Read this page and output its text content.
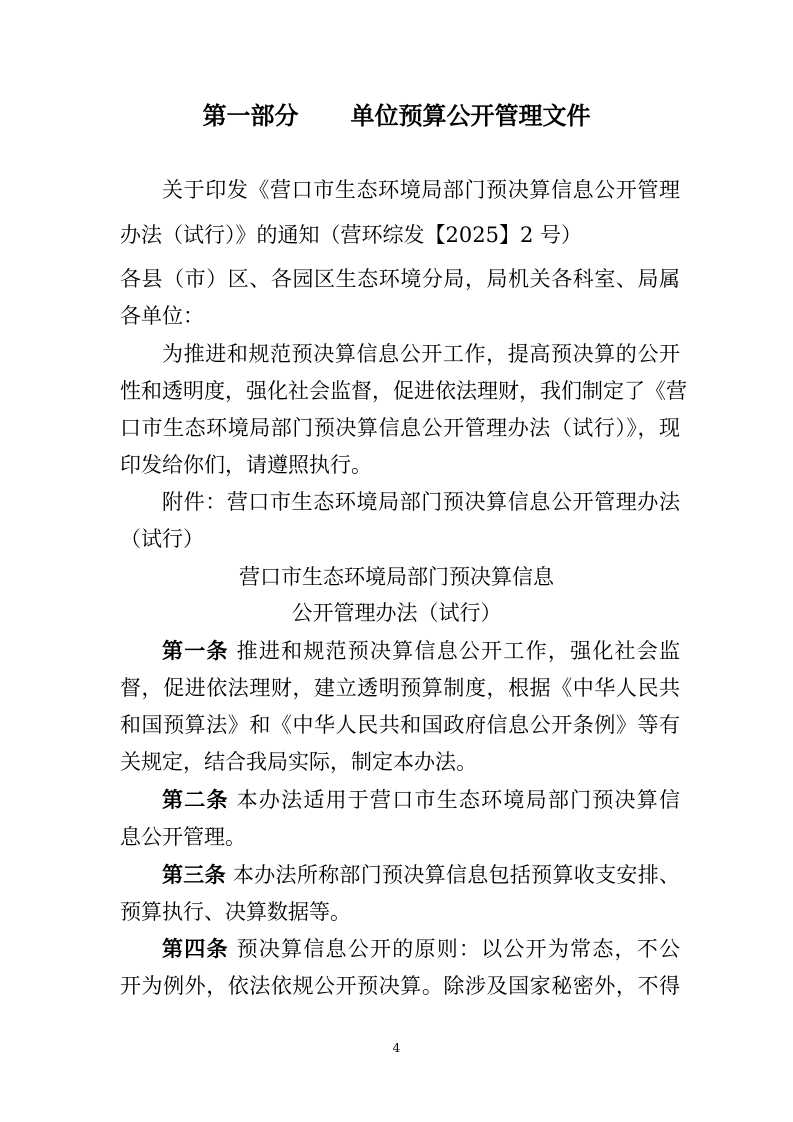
第一部分 单位预算公开管理文件
关于印发《营口市生态环境局部门预决算信息公开管理
办法（试行）》的通知（营环综发【2025】2 号）
各县（市）区、各园区生态环境分局，局机关各科室、局属
各单位：
为推进和规范预决算信息公开工作，提高预决算的公开
性和透明度，强化社会监督，促进依法理财，我们制定了《营
口市生态环境局部门预决算信息公开管理办法（试行）》，现
印发给你们，请遵照执行。
附件：营口市生态环境局部门预决算信息公开管理办法
（试行）
营口市生态环境局部门预决算信息
公开管理办法（试行）
第一条 推进和规范预决算信息公开工作，强化社会监
督，促进依法理财，建立透明预算制度，根据《中华人民共
和国预算法》和《中华人民共和国政府信息公开条例》等有
关规定，结合我局实际，制定本办法。
第二条 本办法适用于营口市生态环境局部门预决算信
息公开管理。
第三条 本办法所称部门预决算信息包括预算收支安排、
预算执行、决算数据等。
第四条 预决算信息公开的原则：以公开为常态，不公
开为例外，依法依规公开预决算。除涉及国家秘密外，不得
4
